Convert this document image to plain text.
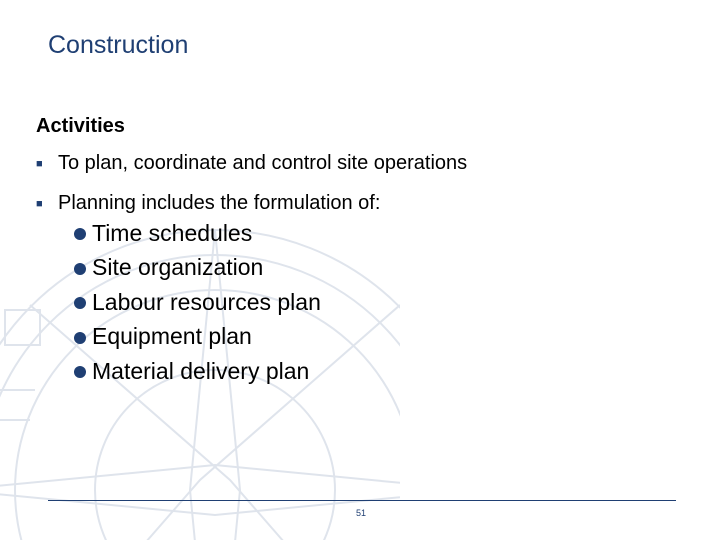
Construction
Activities
■ To plan, coordinate and control site operations
■ Planning includes the formulation of:
Time schedules
Site organization
Labour resources plan
Equipment plan
Material delivery plan
51
